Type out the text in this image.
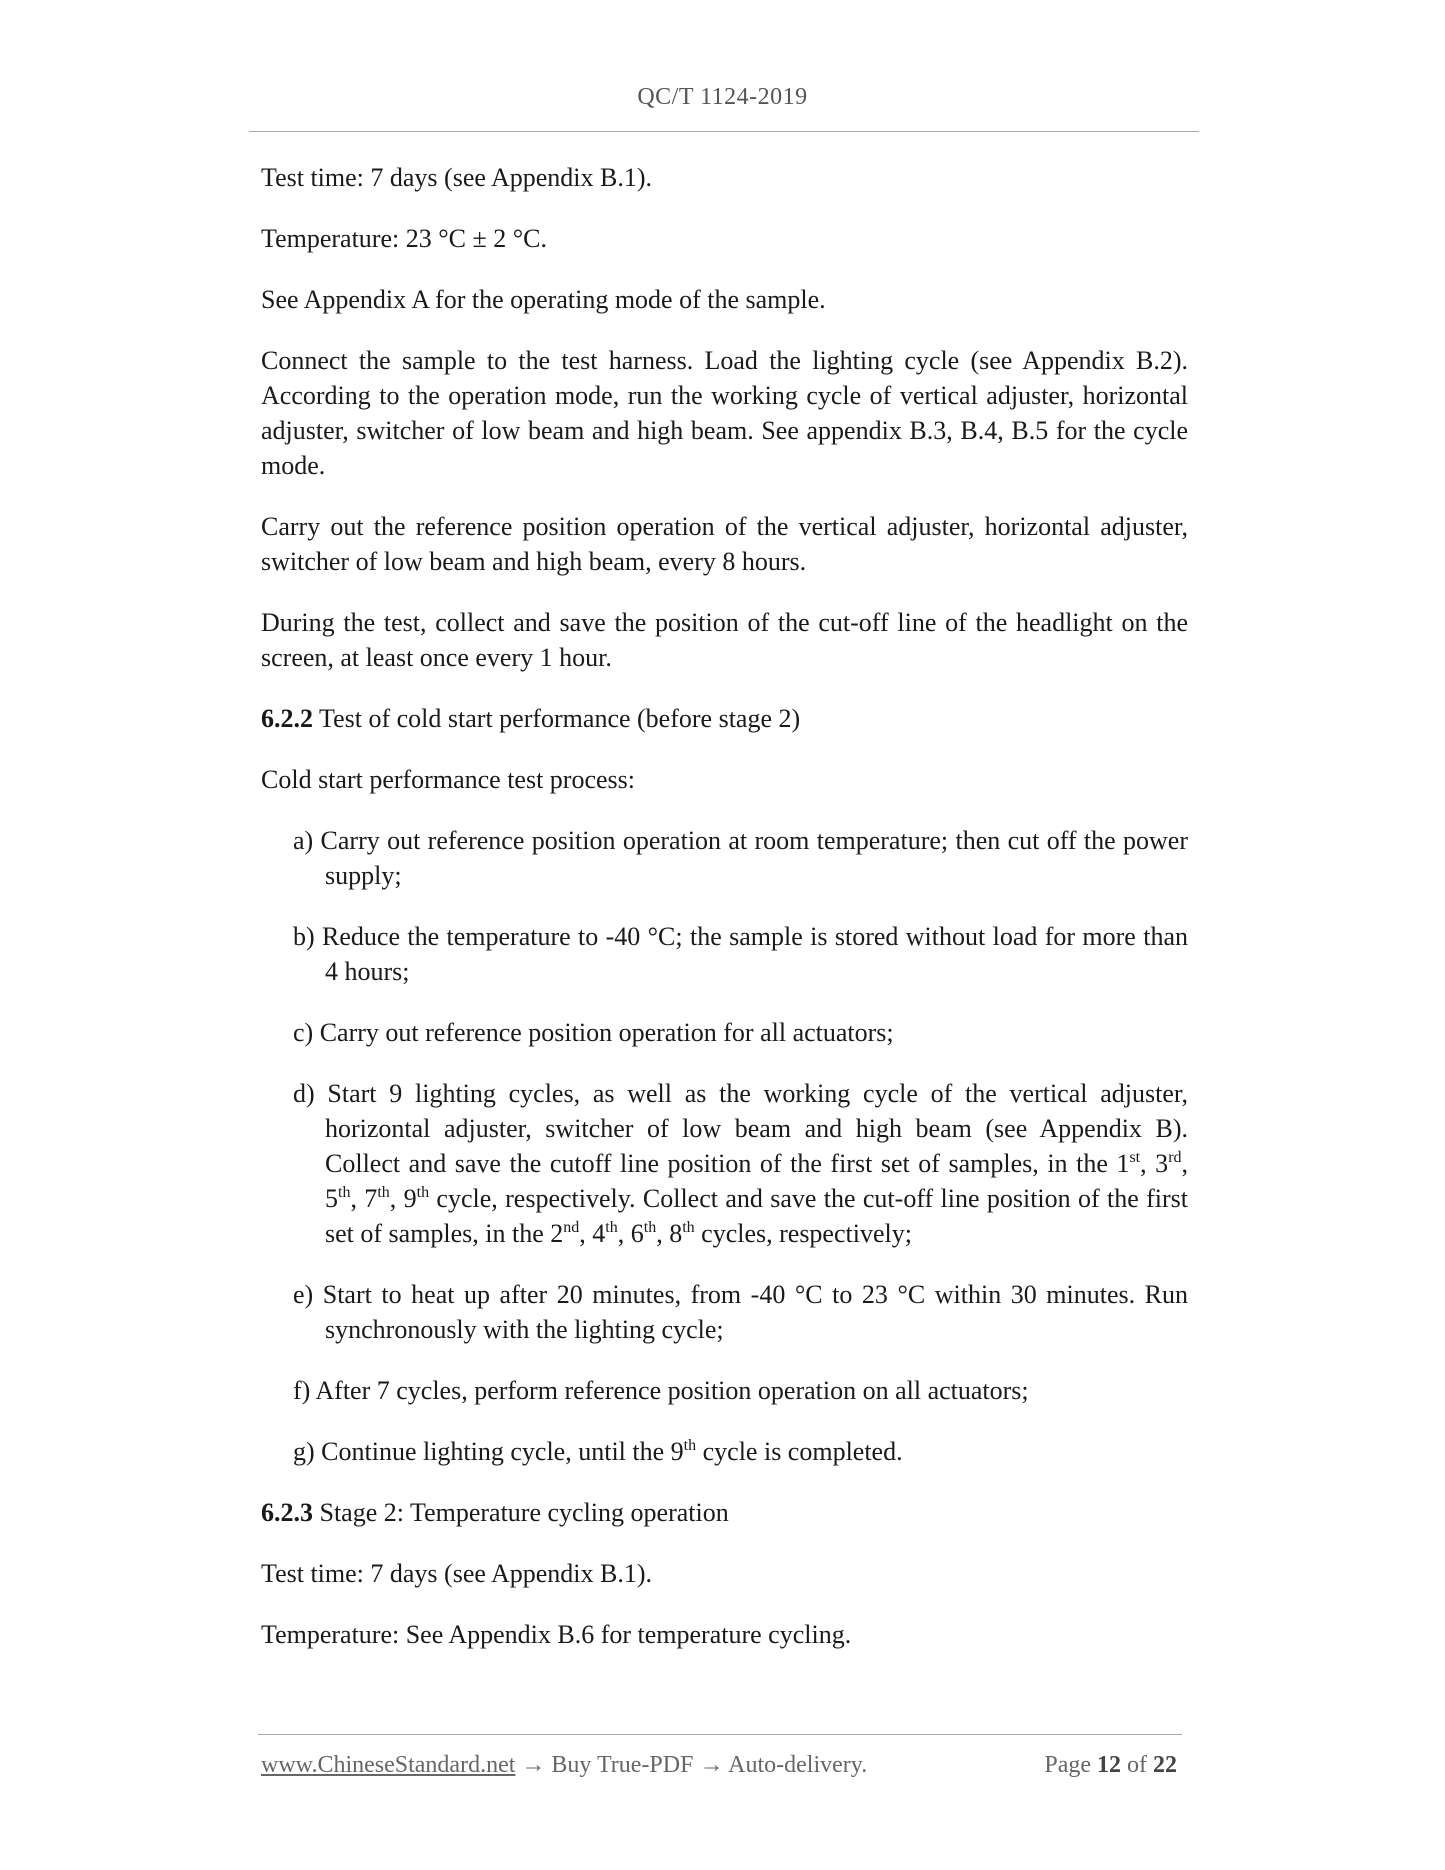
QC/T 1124-2019

Test time: 7 days (see Appendix B.1).

Temperature: 23 °C ± 2 °C.

See Appendix A for the operating mode of the sample.

Connect the sample to the test harness. Load the lighting cycle (see Appendix B.2). According to the operation mode, run the working cycle of vertical adjuster, horizontal adjuster, switcher of low beam and high beam. See appendix B.3, B.4, B.5 for the cycle mode.

Carry out the reference position operation of the vertical adjuster, horizontal adjuster, switcher of low beam and high beam, every 8 hours.

During the test, collect and save the position of the cut-off line of the headlight on the screen, at least once every 1 hour.

6.2.2 Test of cold start performance (before stage 2)

Cold start performance test process:

a) Carry out reference position operation at room temperature; then cut off the power supply;
b) Reduce the temperature to -40 °C; the sample is stored without load for more than 4 hours;
c) Carry out reference position operation for all actuators;
d) Start 9 lighting cycles, as well as the working cycle of the vertical adjuster, horizontal adjuster, switcher of low beam and high beam (see Appendix B). Collect and save the cutoff line position of the first set of samples, in the 1st, 3rd, 5th, 7th, 9th cycle, respectively. Collect and save the cut-off line position of the first set of samples, in the 2nd, 4th, 6th, 8th cycles, respectively;
e) Start to heat up after 20 minutes, from -40 °C to 23 °C within 30 minutes. Run synchronously with the lighting cycle;
f) After 7 cycles, perform reference position operation on all actuators;
g) Continue lighting cycle, until the 9th cycle is completed.

6.2.3 Stage 2: Temperature cycling operation

Test time: 7 days (see Appendix B.1).

Temperature: See Appendix B.6 for temperature cycling.

www.ChineseStandard.net → Buy True-PDF → Auto-delivery.	Page 12 of 22
